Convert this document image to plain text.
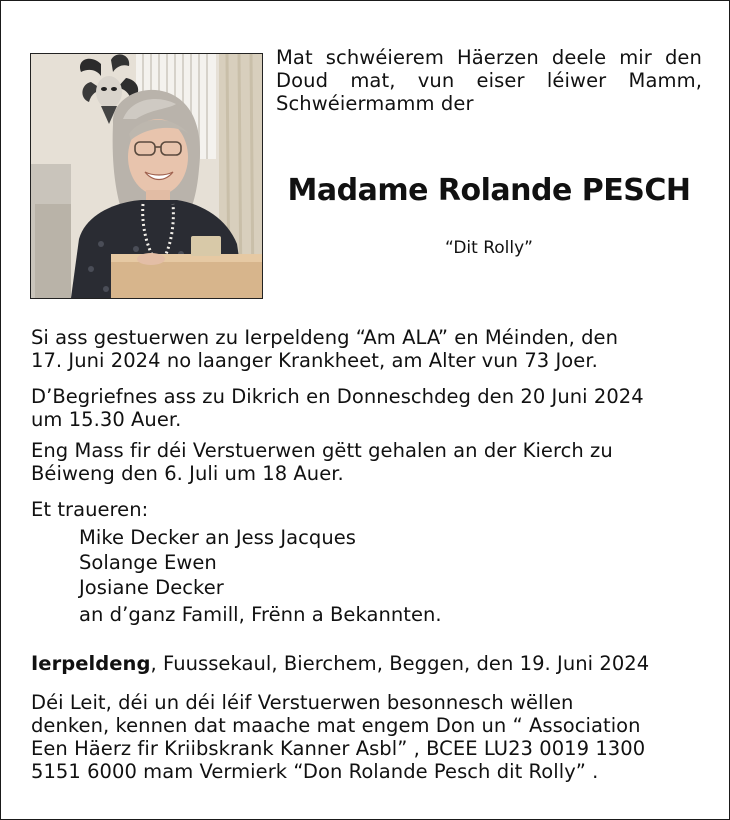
Mat schwéierem Häerzen deele mir den
Doud mat, vun eiser léiwer Mamm,
Schwéiermamm der
Madame Rolande PESCH
“Dit Rolly”
Si ass gestuerwen zu Ierpeldeng “Am ALA” en Méinden, den
17. Juni 2024 no laanger Krankheet, am Alter vun 73 Joer.
D’Begriefnes ass zu Dikrich en Donneschdeg den 20 Juni 2024
um 15.30 Auer.
Eng Mass fir déi Verstuerwen gëtt gehalen an der Kierch zu
Béiweng den 6. Juli um 18 Auer.
Et traueren:
Mike Decker an Jess Jacques
Solange Ewen
Josiane Decker
an d’ganz Famill, Frënn a Bekannten.
Ierpeldeng, Fuussekaul, Bierchem, Beggen, den 19. Juni 2024
Déi Leit, déi un déi léif Verstuerwen besonnesch wëllen
denken, kennen dat maache mat engem Don un “ Association
Een Häerz fir Kriibskrank Kanner Asbl” , BCEE LU23 0019 1300
5151 6000 mam Vermierk “Don Rolande Pesch dit Rolly” .
